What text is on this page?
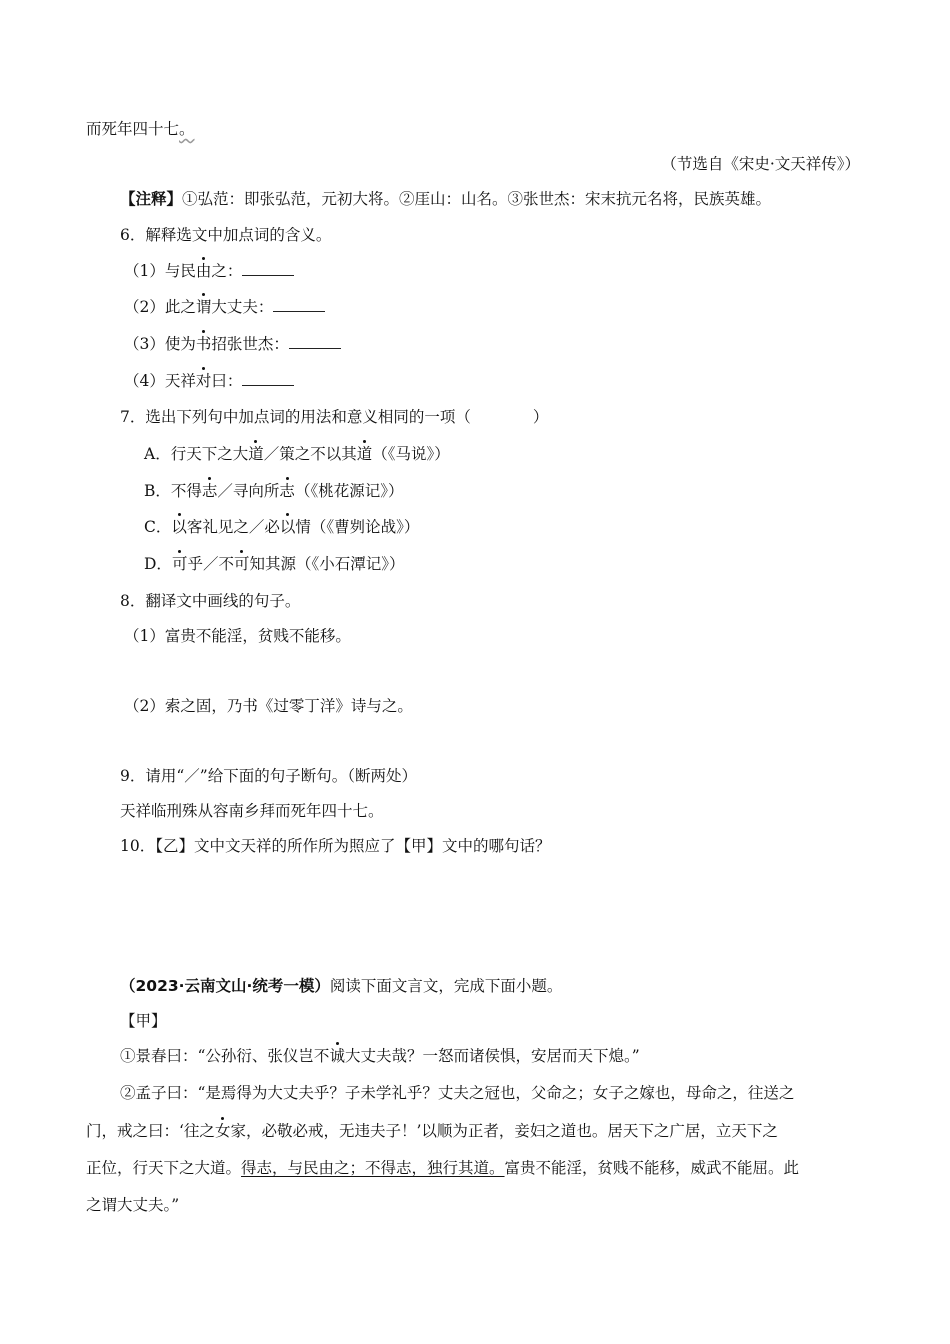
而死年四十七。
（节选自《宋史·文天祥传》）
【注释】①弘范：即张弘范，元初大将。②厓山：山名。③张世杰：宋末抗元名将，民族英雄。
6．解释选文中加点词的含义。
（1）与民由之：
（2）此之谓大丈夫：
（3）使为书招张世杰：
（4）天祥对曰：
7．选出下列句中加点词的用法和意义相同的一项（　　　　）
A．行天下之大道／策之不以其道（《马说》）
B．不得志／寻向所志（《桃花源记》）
C．以客礼见之／必以情（《曹刿论战》）
D．可乎／不可知其源（《小石潭记》）
8．翻译文中画线的句子。
（1）富贵不能淫，贫贱不能移。
（2）索之固，乃书《过零丁洋》诗与之。
9．请用“／”给下面的句子断句。（断两处）
天祥临刑殊从容南乡拜而死年四十七。
10．【乙】文中文天祥的所作所为照应了【甲】文中的哪句话？
（2023·云南文山·统考一模）阅读下面文言文，完成下面小题。
【甲】
①景春曰：“公孙衍、张仪岂不诚大丈夫哉？一怒而诸侯惧，安居而天下熄。”
②孟子曰：“是焉得为大丈夫乎？子未学礼乎？丈夫之冠也，父命之；女子之嫁也，母命之，往送之
门，戒之曰：‘往之女家，必敬必戒，无违夫子！’以顺为正者，妾妇之道也。居天下之广居，立天下之
正位，行天下之大道。得志，与民由之；不得志，独行其道。富贵不能淫，贫贱不能移，威武不能屈。此
之谓大丈夫。”
